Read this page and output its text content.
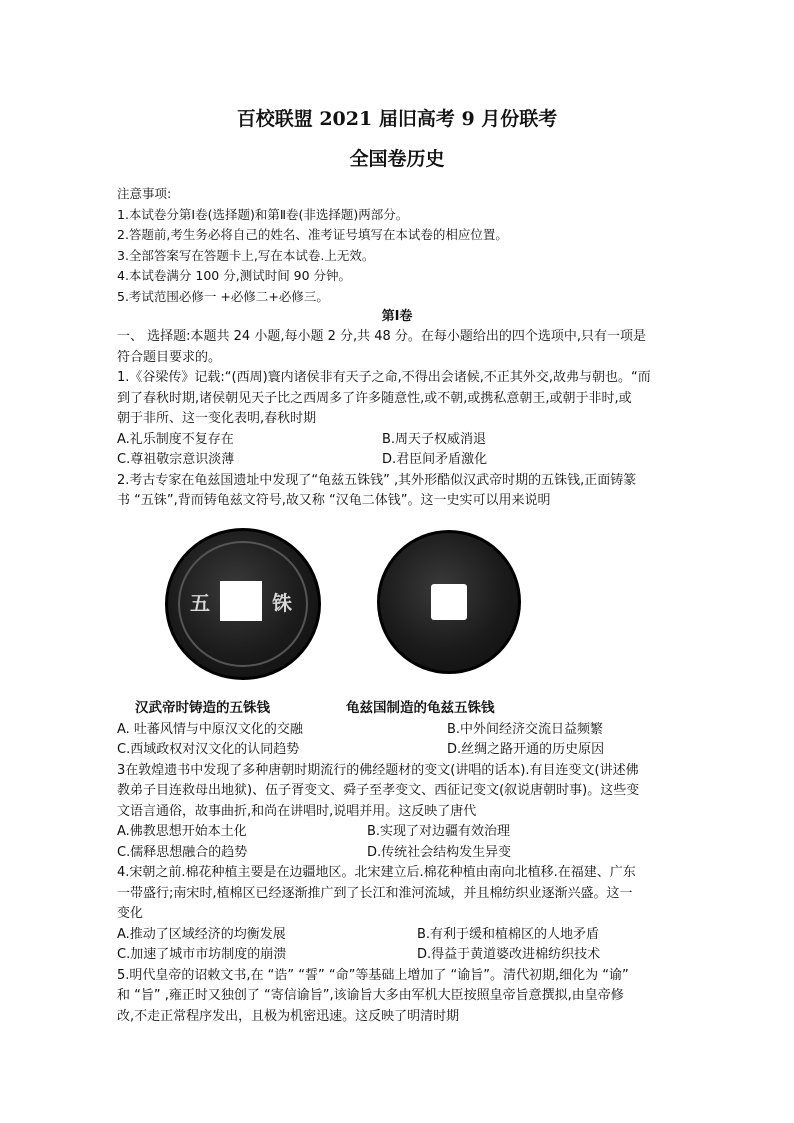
百校联盟 2021 届旧高考 9 月份联考
全国卷历史
注意事项:
1.本试卷分第Ⅰ卷(选择题)和第Ⅱ卷(非选择题)两部分。
2.答题前,考生务必将自己的姓名、准考证号填写在本试卷的相应位置。
3.全部答案写在答题卡上,写在本试卷.上无效。
4.本试卷满分 100 分,测试时间 90 分钟。
5.考试范围必修一 +必修二+必修三。
第Ⅰ卷
一、 选择题:本题共 24 小题,每小题 2 分,共 48 分。在每小题给出的四个选项中,只有一项是
符合题目要求的。
1.《谷梁传》记载:“(西周)寰内诸侯非有天子之命,不得出会诸候,不正其外交,故弗与朝也。“而
到了春秋时期,诸侯朝见天子比之西周多了许多随意性,或不朝,或携私意朝王,或朝于非时,或
朝于非所、这一变化表明,春秋时期
A.礼乐制度不复存在	B.周天子权威消退
C.尊祖敬宗意识淡薄	D.君臣间矛盾激化
2.考古专家在龟兹国遗址中发现了“龟兹五铢钱” ,其外形酷似汉武帝时期的五铢钱,正面铸篆
书 “五铢”,背而铸龟兹文符号,故又称 “汉龟二体钱”。这一史实可以用来说明
五	铢
汉武帝时铸造的五铢钱	龟兹国制造的龟兹五铢钱
A. 吐蕃风情与中原汉文化的交融	B.中外间经济交流日益频繁
C.西域政权对汉文化的认同趋势	D.丝绸之路开通的历史原因
3在敦煌遗书中发现了多种唐朝时期流行的佛经题材的变文(讲唱的话本).有目连变文(讲述佛
教弟子目连救母出地狱)、伍子胥变文、舜子至孝变文、西征记变文(叙说唐朝时事)。这些变
文语言通俗，故事曲折,和尚在讲唱时,说唱并用。这反映了唐代
A.佛教思想开始本土化	B.实现了对边疆有效治理
C.儒释思想融合的趋势	D.传统社会结构发生异变
4.宋朝之前.棉花种植主要是在边疆地区。北宋建立后.棉花种植由南向北植移.在福建、广东
一带盛行;南宋时,植棉区已经逐渐推广到了长江和淮河流域，并且棉纺织业逐渐兴盛。这一
变化
A.推动了区域经济的均衡发展	B.有利于缓和植棉区的人地矛盾
C.加速了城市市坊制度的崩溃	D.得益于黄道婆改进棉纺织技术
5.明代皇帝的诏敕文书,在 “诰” “誓” “命”等基础上增加了 “谕旨”。清代初期,细化为 “谕”
和 “旨” ,雍正时又独创了 “寄信谕旨”,该谕旨大多由军机大臣按照皇帝旨意撰拟,由皇帝修
改,不走正常程序发出，且极为机密迅速。这反映了明清时期
